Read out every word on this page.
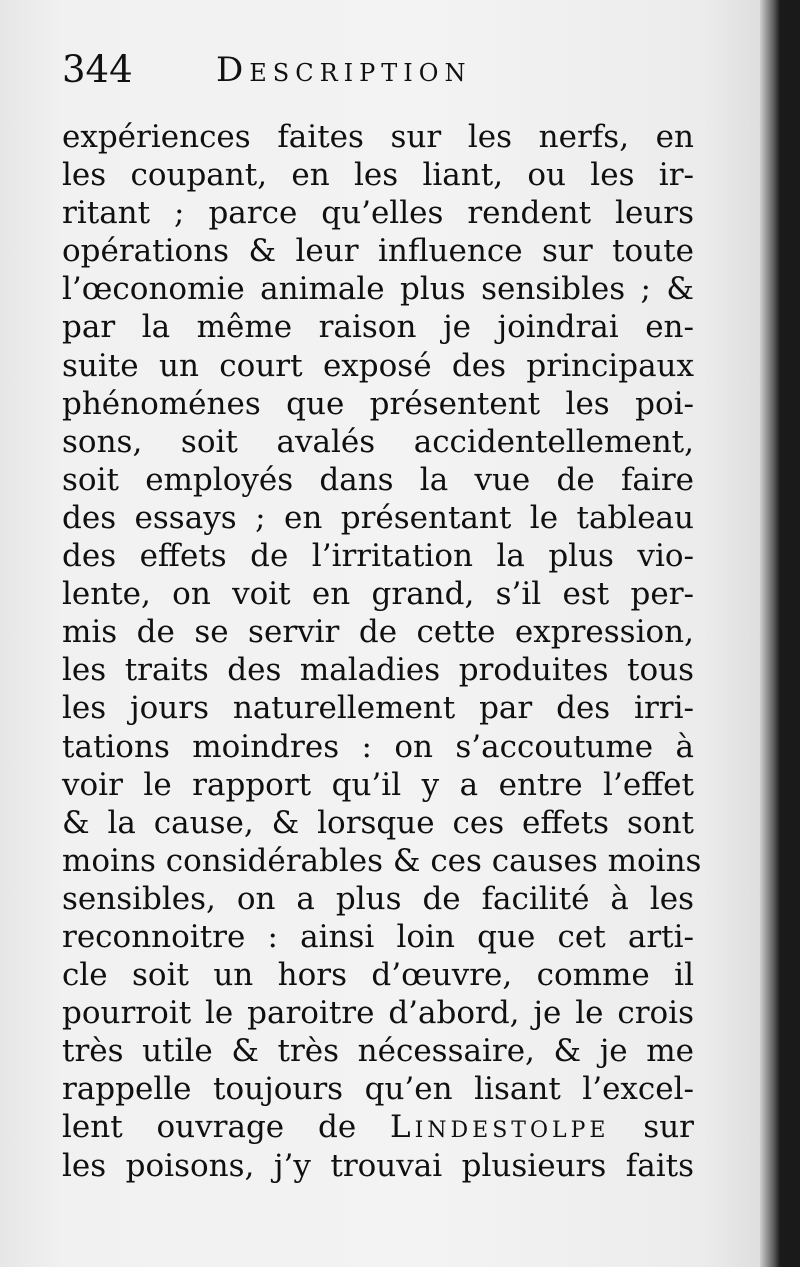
344 Description
expériences faites sur les nerfs, en
les coupant, en les liant, ou les ir-
ritant ; parce qu’elles rendent leurs
opérations & leur influence sur toute
l’œconomie animale plus sensibles ; &
par la même raison je joindrai en-
suite un court exposé des principaux
phénoménes que présentent les poi-
sons, soit avalés accidentellement,
soit employés dans la vue de faire
des essays ; en présentant le tableau
des effets de l’irritation la plus vio-
lente, on voit en grand, s’il est per-
mis de se servir de cette expression,
les traits des maladies produites tous
les jours naturellement par des irri-
tations moindres : on s’accoutume à
voir le rapport qu’il y a entre l’effet
& la cause, & lorsque ces effets sont
moins considérables & ces causes moins
sensibles, on a plus de facilité à les
reconnoitre : ainsi loin que cet arti-
cle soit un hors d’œuvre, comme il
pourroit le paroitre d’abord, je le crois
très utile & très nécessaire, & je me
rappelle toujours qu’en lisant l’excel-
lent ouvrage de Lindestolpe sur
les poisons, j’y trouvai plusieurs faits
